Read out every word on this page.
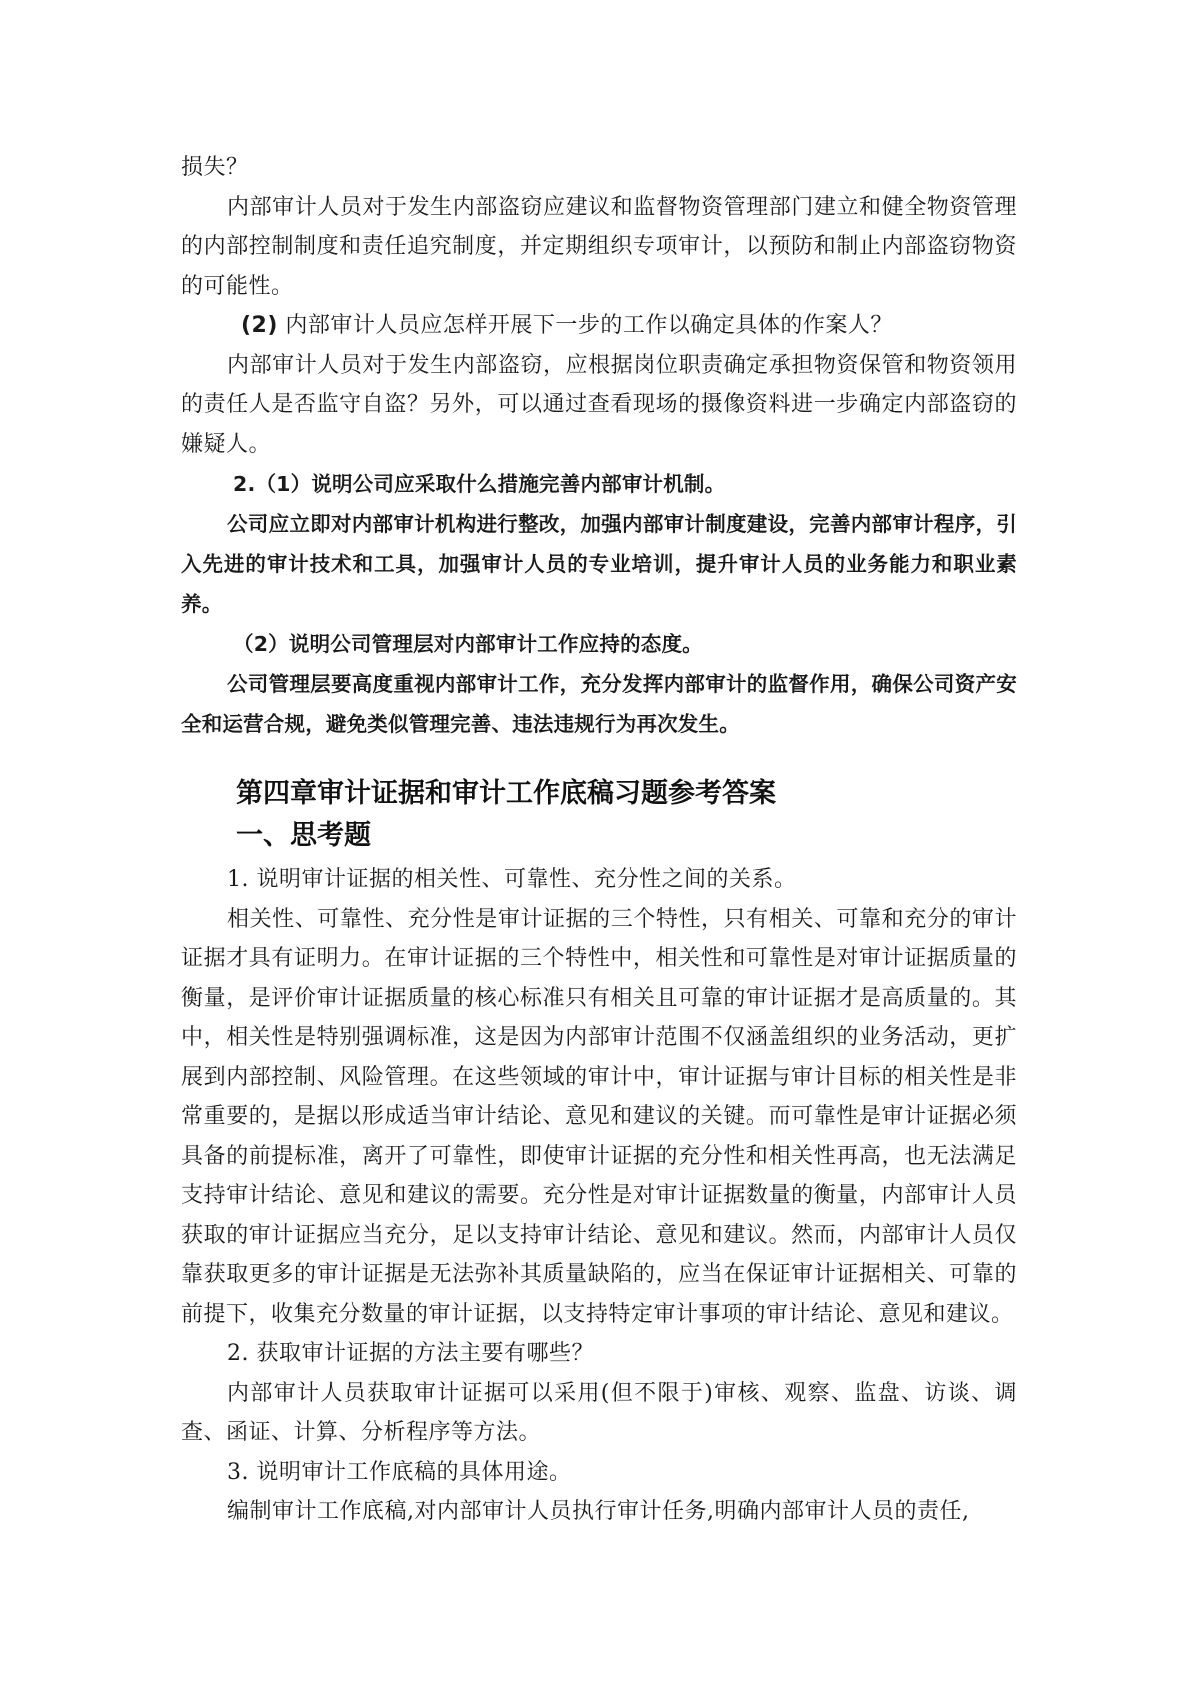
损失？

内部审计人员对于发生内部盗窃应建议和监督物资管理部门建立和健全物资管理的内部控制制度和责任追究制度，并定期组织专项审计，以预防和制止内部盗窃物资的可能性。

(2) 内部审计人员应怎样开展下一步的工作以确定具体的作案人？

内部审计人员对于发生内部盗窃，应根据岗位职责确定承担物资保管和物资领用的责任人是否监守自盗？另外，可以通过查看现场的摄像资料进一步确定内部盗窃的嫌疑人。

2.（1）说明公司应采取什么措施完善内部审计机制。

公司应立即对内部审计机构进行整改，加强内部审计制度建设，完善内部审计程序，引入先进的审计技术和工具，加强审计人员的专业培训，提升审计人员的业务能力和职业素养。

（2）说明公司管理层对内部审计工作应持的态度。

公司管理层要高度重视内部审计工作，充分发挥内部审计的监督作用，确保公司资产安全和运营合规，避免类似管理完善、违法违规行为再次发生。

第四章审计证据和审计工作底稿习题参考答案
一、思考题

1. 说明审计证据的相关性、可靠性、充分性之间的关系。

相关性、可靠性、充分性是审计证据的三个特性，只有相关、可靠和充分的审计证据才具有证明力。在审计证据的三个特性中，相关性和可靠性是对审计证据质量的衡量，是评价审计证据质量的核心标准只有相关且可靠的审计证据才是高质量的。其中，相关性是特别强调标准，这是因为内部审计范围不仅涵盖组织的业务活动，更扩展到内部控制、风险管理。在这些领域的审计中，审计证据与审计目标的相关性是非常重要的，是据以形成适当审计结论、意见和建议的关键。而可靠性是审计证据必须具备的前提标准，离开了可靠性，即使审计证据的充分性和相关性再高，也无法满足支持审计结论、意见和建议的需要。充分性是对审计证据数量的衡量，内部审计人员获取的审计证据应当充分，足以支持审计结论、意见和建议。然而，内部审计人员仅靠获取更多的审计证据是无法弥补其质量缺陷的，应当在保证审计证据相关、可靠的前提下，收集充分数量的审计证据，以支持特定审计事项的审计结论、意见和建议。

2. 获取审计证据的方法主要有哪些？

内部审计人员获取审计证据可以采用(但不限于)审核、观察、监盘、访谈、调查、函证、计算、分析程序等方法。

3. 说明审计工作底稿的具体用途。

编制审计工作底稿,对内部审计人员执行审计任务,明确内部审计人员的责任,
